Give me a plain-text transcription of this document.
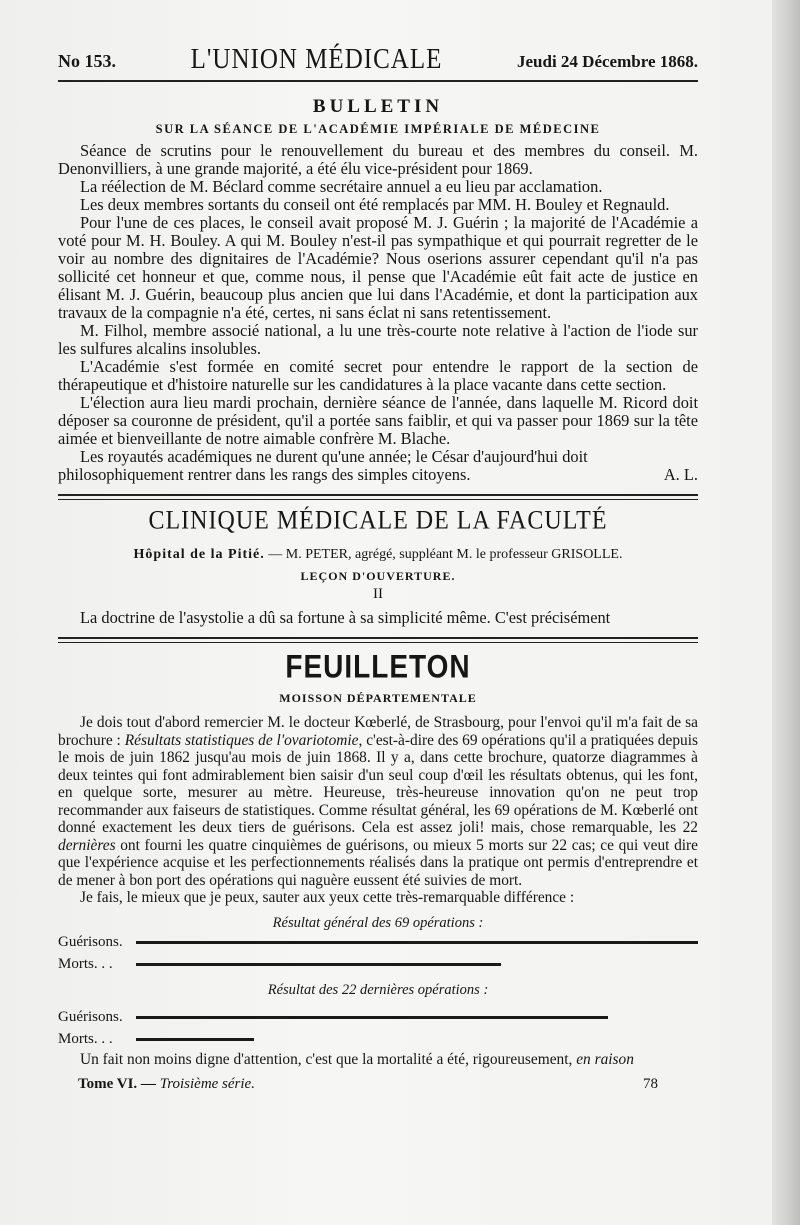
No 153.	L'UNION MÉDICALE	Jeudi 24 Décembre 1868.
BULLETIN
SUR LA SÉANCE DE L'ACADÉMIE IMPÉRIALE DE MÉDECINE

Séance de scrutins pour le renouvellement du bureau et des membres du conseil. M. Denonvilliers, à une grande majorité, a été élu vice-président pour 1869.

La réélection de M. Béclard comme secrétaire annuel a eu lieu par acclamation.

Les deux membres sortants du conseil ont été remplacés par MM. H. Bouley et Regnauld.

Pour l'une de ces places, le conseil avait proposé M. J. Guérin ; la majorité de l'Académie a voté pour M. H. Bouley. A qui M. Bouley n'est-il pas sympathique et qui pourrait regretter de le voir au nombre des dignitaires de l'Académie? Nous oserions assurer cependant qu'il n'a pas sollicité cet honneur et que, comme nous, il pense que l'Académie eût fait acte de justice en élisant M. J. Guérin, beaucoup plus ancien que lui dans l'Académie, et dont la participation aux travaux de la compagnie n'a été, certes, ni sans éclat ni sans retentissement.

M. Filhol, membre associé national, a lu une très-courte note relative à l'action de l'iode sur les sulfures alcalins insolubles.

L'Académie s'est formée en comité secret pour entendre le rapport de la section de thérapeutique et d'histoire naturelle sur les candidatures à la place vacante dans cette section.

L'élection aura lieu mardi prochain, dernière séance de l'année, dans laquelle M. Ricord doit déposer sa couronne de président, qu'il a portée sans faiblir, et qui va passer pour 1869 sur la tête aimée et bienveillante de notre aimable confrère M. Blache.

Les royautés académiques ne durent qu'une année; le César d'aujourd'hui doit

philosophiquement rentrer dans les rangs des simples citoyens.	A. L.
CLINIQUE MÉDICALE DE LA FACULTÉ
Hôpital de la Pitié. — M. PETER, agrégé, suppléant M. le professeur GRISOLLE.
LEÇON D'OUVERTURE.
II

La doctrine de l'asystolie a dû sa fortune à sa simplicité même. C'est précisément

FEUILLETON
MOISSON DÉPARTEMENTALE

Je dois tout d'abord remercier M. le docteur Kœberlé, de Strasbourg, pour l'envoi qu'il m'a fait de sa brochure : Résultats statistiques de l'ovariotomie, c'est-à-dire des 69 opérations qu'il a pratiquées depuis le mois de juin 1862 jusqu'au mois de juin 1868. Il y a, dans cette brochure, quatorze diagrammes à deux teintes qui font admirablement bien saisir d'un seul coup d'œil les résultats obtenus, qui les font, en quelque sorte, mesurer au mètre. Heureuse, très-heureuse innovation qu'on ne peut trop recommander aux faiseurs de statistiques. Comme résultat général, les 69 opérations de M. Kœberlé ont donné exactement les deux tiers de guérisons. Cela est assez joli! mais, chose remarquable, les 22 dernières ont fourni les quatre cinquièmes de guérisons, ou mieux 5 morts sur 22 cas; ce qui veut dire que l'expérience acquise et les perfectionnements réalisés dans la pratique ont permis d'entreprendre et de mener à bon port des opérations qui naguère eussent été suivies de mort.

Je fais, le mieux que je peux, sauter aux yeux cette très-remarquable différence :

Résultat général des 69 opérations :
Guérisons.
Morts. . .
Résultat des 22 dernières opérations :
Guérisons.
Morts. . .

Un fait non moins digne d'attention, c'est que la mortalité a été, rigoureusement, en raison

Tome VI. — Troisième série.	78
